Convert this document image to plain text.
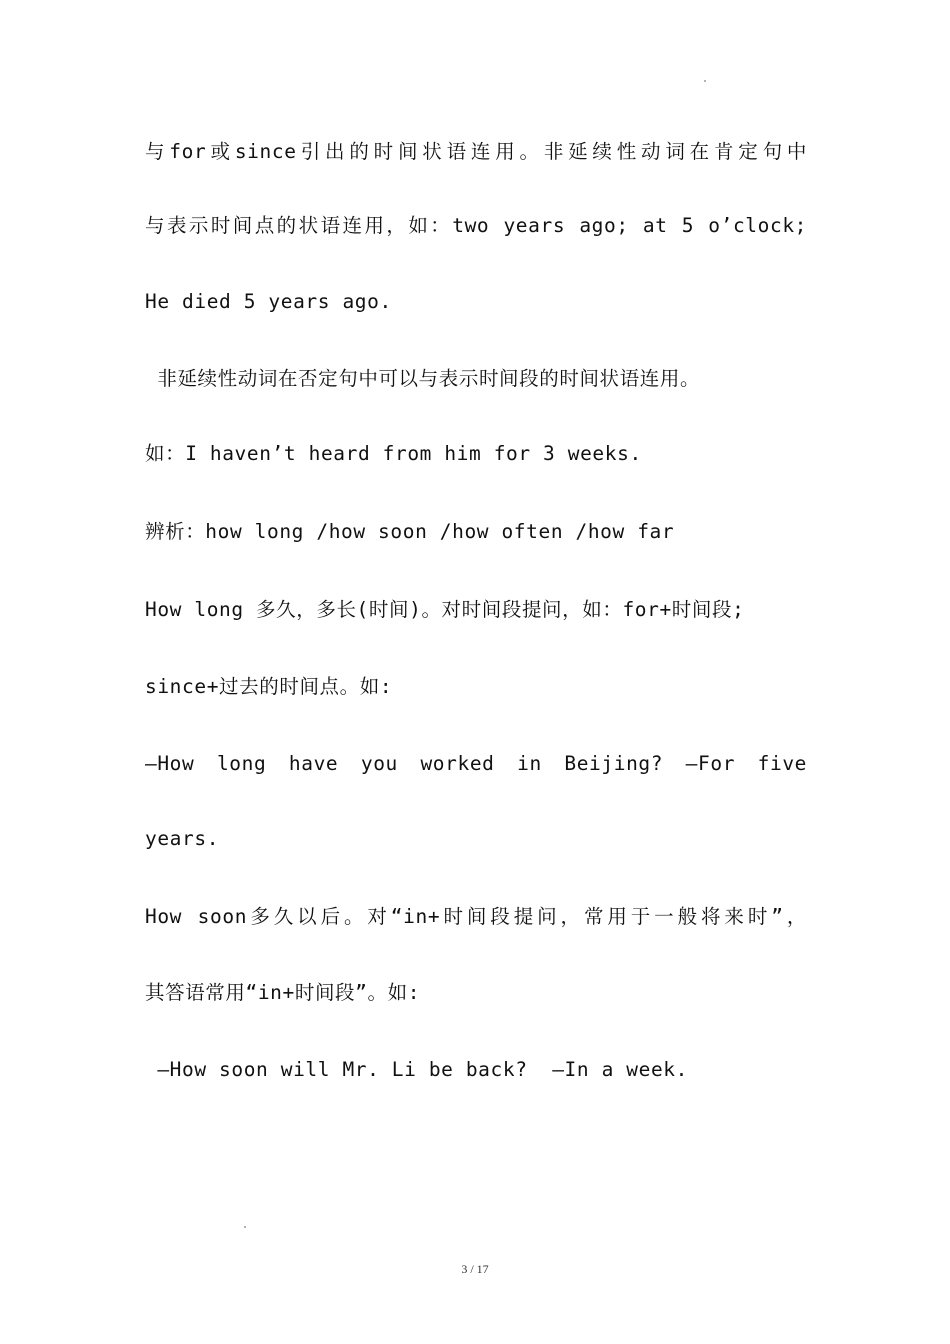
与for或since引出的时间状语连用。非延续性动词在肯定句中
与表示时间点的状语连用，如：two years ago; at 5 o’clock;
He died 5 years ago.
非延续性动词在否定句中可以与表示时间段的时间状语连用。
如：I haven’t heard from him for 3 weeks.
辨析：how long /how soon /how often /how far
How long 多久，多长(时间)。对时间段提问，如：for+时间段;
since+过去的时间点。如:
—How long have you worked in Beijing? —For five
years.
How soon多久以后。对“in+时间段提问，常用于一般将来时”，
其答语常用“in+时间段”。如:
—How soon will Mr. Li be back?  —In a week.
3 / 17
